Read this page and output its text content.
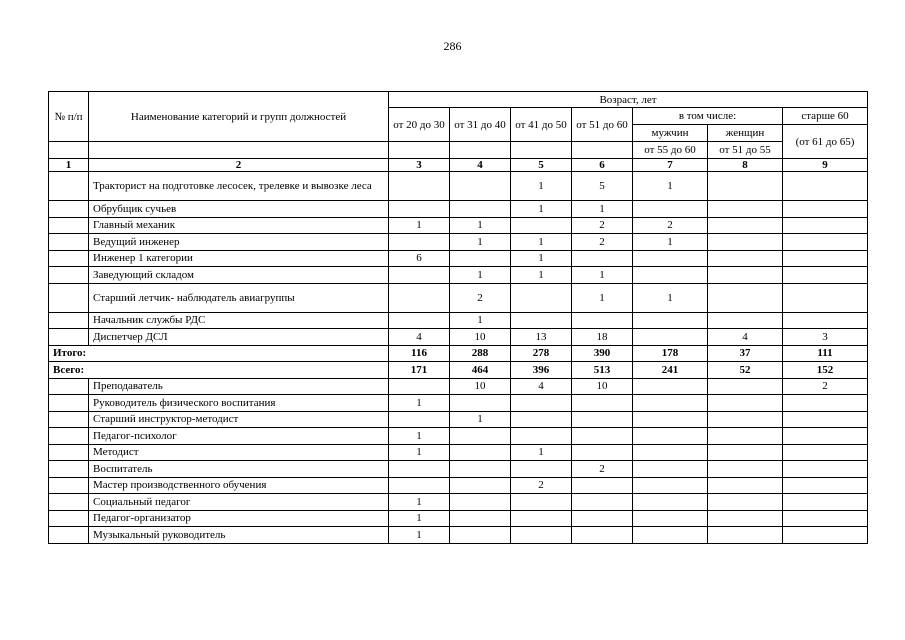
286
№ п/п	Наименование категорий и групп должностей	Возраст, лет						
		от 20 до 30	от 31 до 40	от 41 до 50	от 51 до 60	в том числе:		старше 60
						мужчин	женщин	(от 61 до 65)
						от 55 до 60	от 51 до 55	
1	2	3	4	5	6	7	8	9
	Тракторист на подготовке лесосек, трелевке и вывозке леса			1	5	1		
	Обрубщик сучьев			1	1			
	Главный механик	1	1		2	2		
	Ведущий инженер		1	1	2	1		
	Инженер 1 категории	6		1				
	Заведующий складом		1	1	1			
	Старший летчик- наблюдатель авиагруппы		2		1	1		
	Начальник службы РДС		1					
	Диспетчер ДСЛ	4	10	13	18		4	3
Итого:		116	288	278	390	178	37	111
Всего:		171	464	396	513	241	52	152
	Преподаватель		10	4	10			2
	Руководитель физического воспитания	1						
	Старший инструктор-методист		1					
	Педагог-психолог	1						
	Методист	1		1				
	Воспитатель				2			
	Мастер производственного обучения			2				
	Социальный педагог	1						
	Педагог-организатор	1						
	Музыкальный руководитель	1						
